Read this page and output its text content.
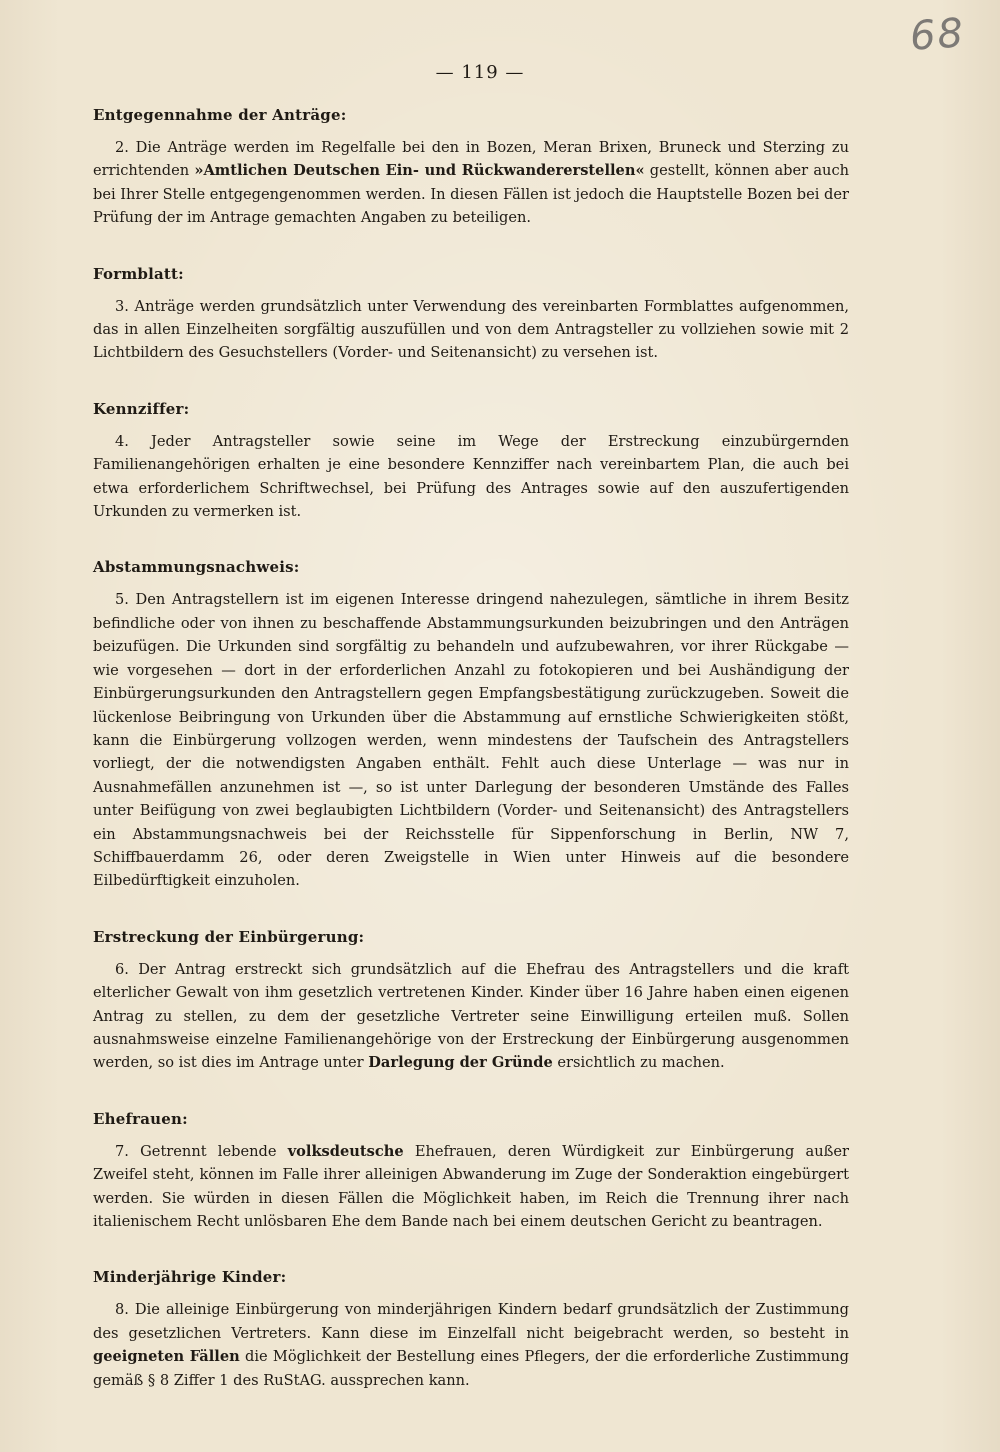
68
— 119 —
Entgegennahme der Anträge:

2. Die Anträge werden im Regelfalle bei den in Bozen, Meran Brixen, Bruneck und Sterzing zu errichtenden »Amtlichen Deutschen Ein- und Rückwandererstellen« gestellt, können aber auch bei Ihrer Stelle entgegengenommen werden. In diesen Fällen ist jedoch die Hauptstelle Bozen bei der Prüfung der im Antrage gemachten Angaben zu beteiligen.

Formblatt:

3. Anträge werden grundsätzlich unter Verwendung des vereinbarten Formblattes aufgenommen, das in allen Einzelheiten sorgfältig auszufüllen und von dem Antragsteller zu vollziehen sowie mit 2 Lichtbildern des Gesuchstellers (Vorder- und Seitenansicht) zu versehen ist.

Kennziffer:

4. Jeder Antragsteller sowie seine im Wege der Erstreckung einzubürgernden Familienangehörigen erhalten je eine besondere Kennziffer nach vereinbartem Plan, die auch bei etwa erforderlichem Schriftwechsel, bei Prüfung des Antrages sowie auf den auszufertigenden Urkunden zu vermerken ist.

Abstammungsnachweis:

5. Den Antragstellern ist im eigenen Interesse dringend nahezulegen, sämtliche in ihrem Besitz befindliche oder von ihnen zu beschaffende Abstammungsurkunden beizubringen und den Anträgen beizufügen. Die Urkunden sind sorgfältig zu behandeln und aufzubewahren, vor ihrer Rückgabe — wie vorgesehen — dort in der erforderlichen Anzahl zu fotokopieren und bei Aushändigung der Einbürgerungsurkunden den Antragstellern gegen Empfangsbestätigung zurückzugeben. Soweit die lückenlose Beibringung von Urkunden über die Abstammung auf ernstliche Schwierigkeiten stößt, kann die Einbürgerung vollzogen werden, wenn mindestens der Taufschein des Antragstellers vorliegt, der die notwendigsten Angaben enthält. Fehlt auch diese Unterlage — was nur in Ausnahmefällen anzunehmen ist —, so ist unter Darlegung der besonderen Umstände des Falles unter Beifügung von zwei beglaubigten Lichtbildern (Vorder- und Seitenansicht) des Antragstellers ein Abstammungsnachweis bei der Reichsstelle für Sippenforschung in Berlin, NW 7, Schiffbauerdamm 26, oder deren Zweigstelle in Wien unter Hinweis auf die besondere Eilbedürftigkeit einzuholen.

Erstreckung der Einbürgerung:

6. Der Antrag erstreckt sich grundsätzlich auf die Ehefrau des Antragstellers und die kraft elterlicher Gewalt von ihm gesetzlich vertretenen Kinder. Kinder über 16 Jahre haben einen eigenen Antrag zu stellen, zu dem der gesetzliche Vertreter seine Einwilligung erteilen muß. Sollen ausnahmsweise einzelne Familienangehörige von der Erstreckung der Einbürgerung ausgenommen werden, so ist dies im Antrage unter Darlegung der Gründe ersichtlich zu machen.

Ehefrauen:

7. Getrennt lebende volksdeutsche Ehefrauen, deren Würdigkeit zur Einbürgerung außer Zweifel steht, können im Falle ihrer alleinigen Abwanderung im Zuge der Sonderaktion eingebürgert werden. Sie würden in diesen Fällen die Möglichkeit haben, im Reich die Trennung ihrer nach italienischem Recht unlösbaren Ehe dem Bande nach bei einem deutschen Gericht zu beantragen.

Minderjährige Kinder:

8. Die alleinige Einbürgerung von minderjährigen Kindern bedarf grundsätzlich der Zustimmung des gesetzlichen Vertreters. Kann diese im Einzelfall nicht beigebracht werden, so besteht in geeigneten Fällen die Möglichkeit der Bestellung eines Pflegers, der die erforderliche Zustimmung gemäß § 8 Ziffer 1 des RuStAG. aussprechen kann.
